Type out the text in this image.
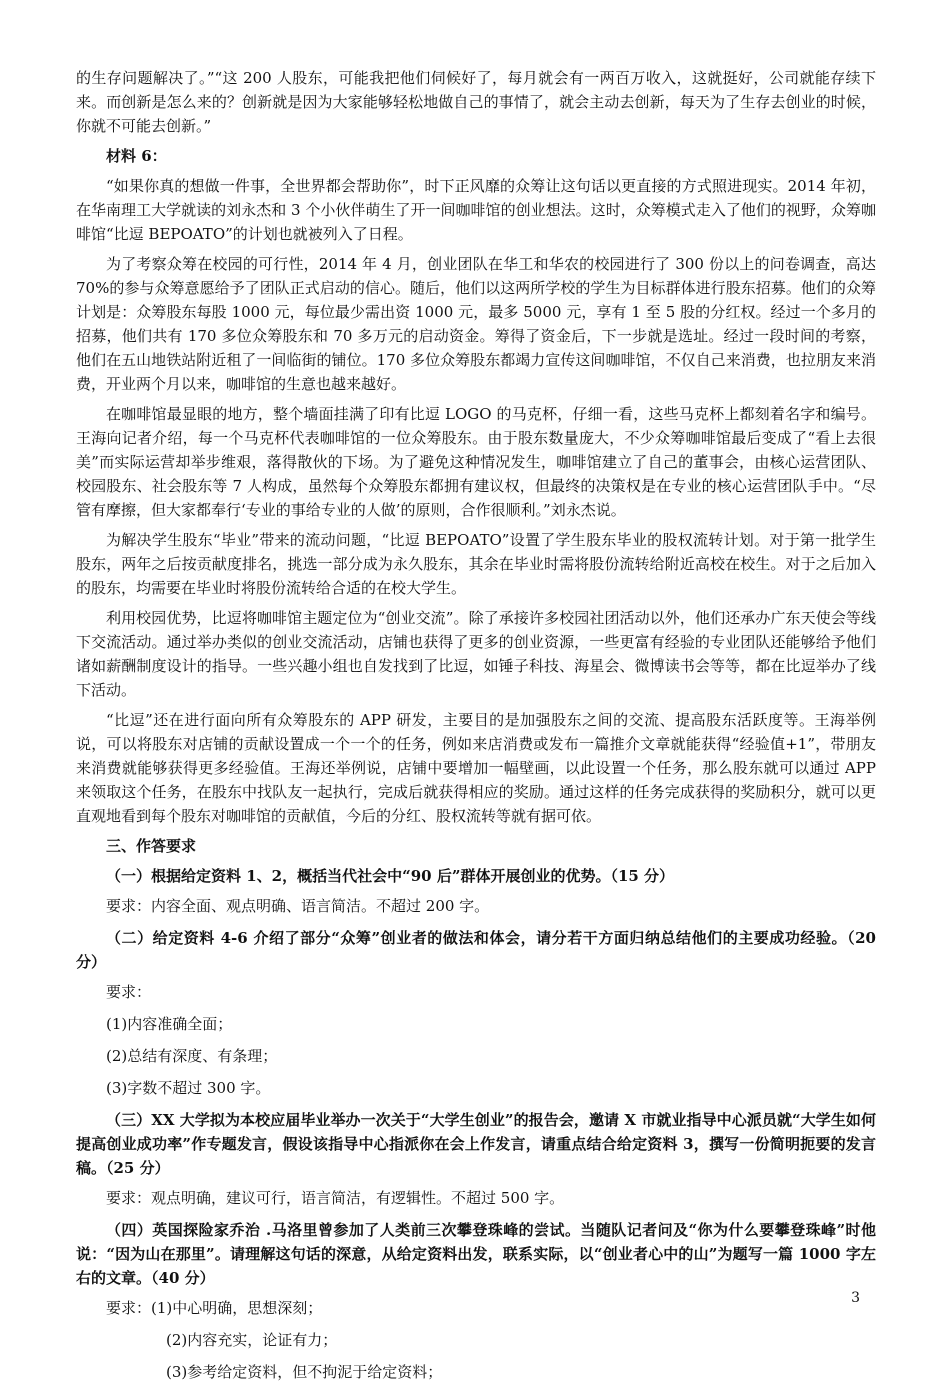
的生存问题解决了。”“这 200 人股东，可能我把他们伺候好了，每月就会有一两百万收入，这就挺好，公司就能存续下来。而创新是怎么来的？创新就是因为大家能够轻松地做自己的事情了，就会主动去创新，每天为了生存去创业的时候，你就不可能去创新。”

材料 6：

“如果你真的想做一件事，全世界都会帮助你”，时下正风靡的众筹让这句话以更直接的方式照进现实。2014 年初，在华南理工大学就读的刘永杰和 3 个小伙伴萌生了开一间咖啡馆的创业想法。这时，众筹模式走入了他们的视野，众筹咖啡馆“比逗 BEPOATO”的计划也就被列入了日程。

为了考察众筹在校园的可行性，2014 年 4 月，创业团队在华工和华农的校园进行了 300 份以上的问卷调查，高达 70%的参与众筹意愿给予了团队正式启动的信心。随后，他们以这两所学校的学生为目标群体进行股东招募。他们的众筹计划是：众筹股东每股 1000 元，每位最少需出资 1000 元，最多 5000 元，享有 1 至 5 股的分红权。经过一个多月的招募，他们共有 170 多位众筹股东和 70 多万元的启动资金。筹得了资金后，下一步就是选址。经过一段时间的考察，他们在五山地铁站附近租了一间临街的铺位。170 多位众筹股东都竭力宣传这间咖啡馆，不仅自己来消费，也拉朋友来消费，开业两个月以来，咖啡馆的生意也越来越好。

在咖啡馆最显眼的地方，整个墙面挂满了印有比逗 LOGO 的马克杯，仔细一看，这些马克杯上都刻着名字和编号。王海向记者介绍，每一个马克杯代表咖啡馆的一位众筹股东。由于股东数量庞大，不少众筹咖啡馆最后变成了“看上去很美”而实际运营却举步维艰，落得散伙的下场。为了避免这种情况发生，咖啡馆建立了自己的董事会，由核心运营团队、校园股东、社会股东等 7 人构成，虽然每个众筹股东都拥有建议权，但最终的决策权是在专业的核心运营团队手中。“尽管有摩擦，但大家都奉行‘专业的事给专业的人做’的原则，合作很顺利。”刘永杰说。

为解决学生股东“毕业”带来的流动问题，“比逗 BEPOATO”设置了学生股东毕业的股权流转计划。对于第一批学生股东，两年之后按贡献度排名，挑选一部分成为永久股东，其余在毕业时需将股份流转给附近高校在校生。对于之后加入的股东，均需要在毕业时将股份流转给合适的在校大学生。

利用校园优势，比逗将咖啡馆主题定位为“创业交流”。除了承接许多校园社团活动以外，他们还承办广东天使会等线下交流活动。通过举办类似的创业交流活动，店铺也获得了更多的创业资源，一些更富有经验的专业团队还能够给予他们诸如薪酬制度设计的指导。一些兴趣小组也自发找到了比逗，如锤子科技、海星会、微博读书会等等，都在比逗举办了线下活动。

“比逗”还在进行面向所有众筹股东的 APP 研发，主要目的是加强股东之间的交流、提高股东活跃度等。王海举例说，可以将股东对店铺的贡献设置成一个一个的任务，例如来店消费或发布一篇推介文章就能获得“经验值+1”，带朋友来消费就能够获得更多经验值。王海还举例说，店铺中要增加一幅壁画，以此设置一个任务，那么股东就可以通过 APP 来领取这个任务，在股东中找队友一起执行，完成后就获得相应的奖励。通过这样的任务完成获得的奖励积分，就可以更直观地看到每个股东对咖啡馆的贡献值，今后的分红、股权流转等就有据可依。

三、作答要求

（一）根据给定资料 1、2，概括当代社会中“90 后”群体开展创业的优势。（15 分）

要求：内容全面、观点明确、语言简洁。不超过 200 字。

（二）给定资料 4-6 介绍了部分“众筹”创业者的做法和体会，请分若干方面归纳总结他们的主要成功经验。（20 分）

要求：

(1)内容准确全面；

(2)总结有深度、有条理；

(3)字数不超过 300 字。

（三）XX 大学拟为本校应届毕业举办一次关于“大学生创业”的报告会，邀请 X 市就业指导中心派员就“大学生如何提高创业成功率”作专题发言，假设该指导中心指派你在会上作发言，请重点结合给定资料 3，撰写一份简明扼要的发言稿。（25 分）

要求：观点明确，建议可行，语言简洁，有逻辑性。不超过 500 字。

（四）英国探险家乔治 .马洛里曾参加了人类前三次攀登珠峰的尝试。当随队记者问及“你为什么要攀登珠峰”时他说：“因为山在那里”。请理解这句话的深意，从给定资料出发，联系实际，以“创业者心中的山”为题写一篇 1000 字左右的文章。（40 分）

要求：(1)中心明确，思想深刻；

(2)内容充实，论证有力；

(3)参考给定资料，但不拘泥于给定资料；

3
